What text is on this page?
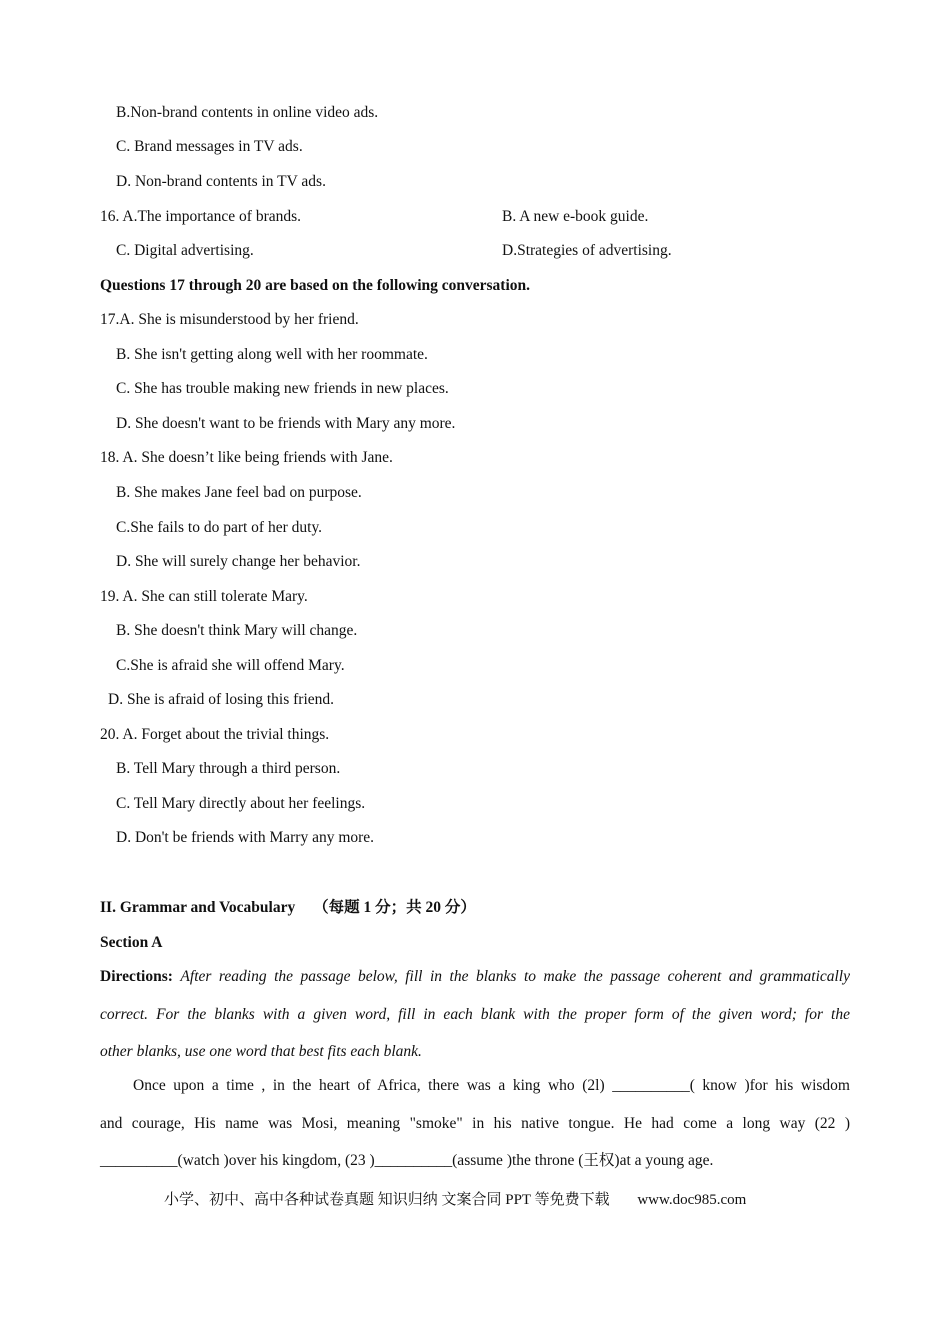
B.Non-brand contents in online video ads.
C. Brand messages in TV ads.
D. Non-brand contents in TV ads.
16. A.The importance of brands.	B. A new e-book guide.
C. Digital advertising.	D.Strategies of advertising.
Questions 17 through 20 are based on the following conversation.
17.A. She is misunderstood by her friend.
B. She isn't getting along well with her roommate.
C. She has trouble making new friends in new places.
D. She doesn't want to be friends with Mary any more.
18. A. She doesn’t like being friends with Jane.
B. She makes Jane feel bad on purpose.
C.She fails to do part of her duty.
D. She will surely change her behavior.
19. A. She can still tolerate Mary.
B. She doesn't think Mary will change.
C.She is afraid she will offend Mary.
D. She is afraid of losing this friend.
20. A. Forget about the trivial things.
B. Tell Mary through a third person.
C. Tell Mary directly about her feelings.
D. Don't be friends with Marry any more.
II. Grammar and Vocabulary （每题 1 分；共 20 分）
Section A
Directions: After reading the passage below, fill in the blanks to make the passage coherent and grammatically
correct. For the blanks with a given word, fill in each blank with the proper form of the given word; for the
other blanks, use one word that best fits each blank.
Once upon a time , in the heart of Africa, there was a king who (2l) __________( know )for his wisdom
and courage, His name was Mosi, meaning "smoke" in his native tongue. He had come a long way (22 )
__________(watch )over his kingdom, (23 )__________(assume )the throne (王权)at a young age.
小学、初中、高中各种试卷真题 知识归纳 文案合同 PPT 等免费下载 www.doc985.com
